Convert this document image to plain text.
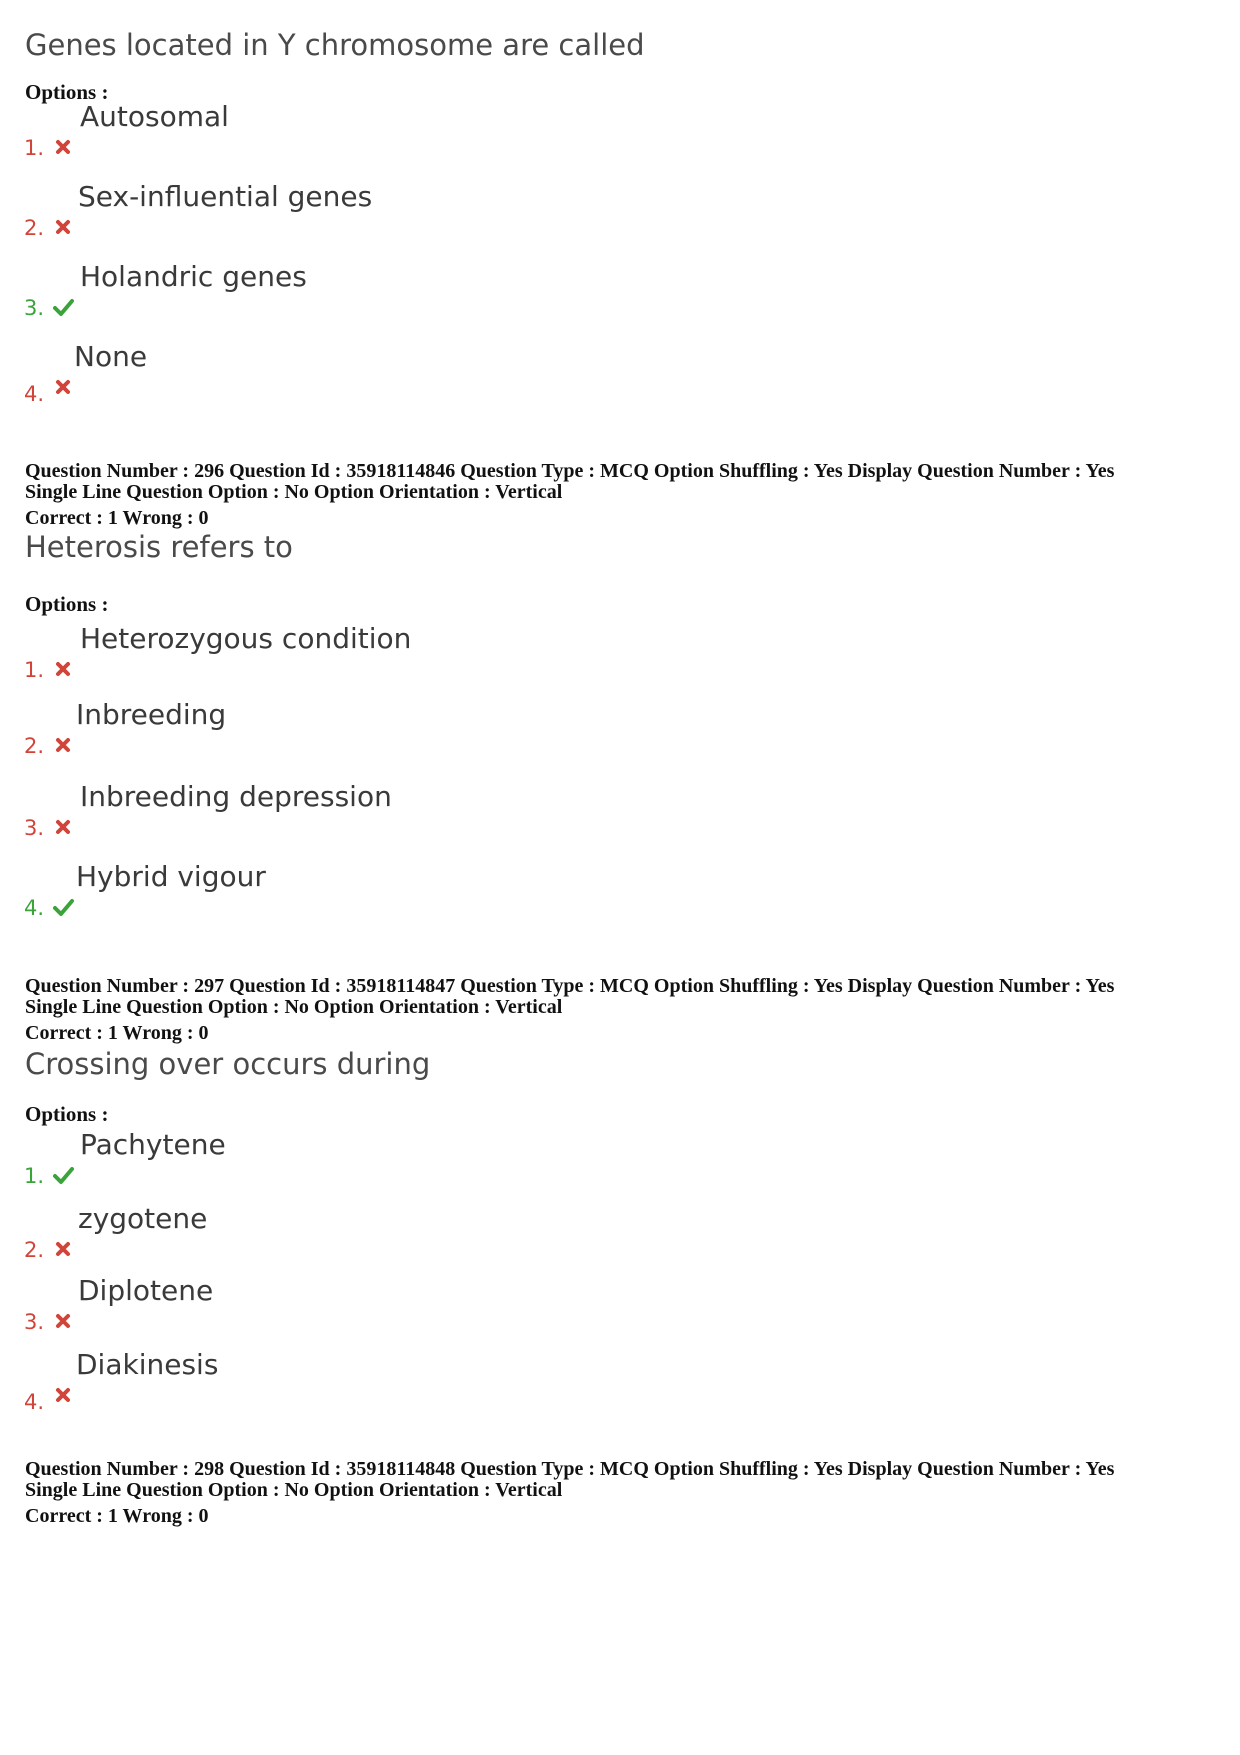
Genes located in Y chromosome are called
Options :
1.
Autosomal
2.
Sex-influential genes
3.
Holandric genes
4.
None
Question Number : 296 Question Id : 35918114846 Question Type : MCQ Option Shuffling : Yes Display Question Number : Yes
Single Line Question Option : No Option Orientation : Vertical
Correct : 1 Wrong : 0
Heterosis refers to
Options :
1.
Heterozygous condition
2.
Inbreeding
3.
Inbreeding depression
4.
Hybrid vigour
Question Number : 297 Question Id : 35918114847 Question Type : MCQ Option Shuffling : Yes Display Question Number : Yes
Single Line Question Option : No Option Orientation : Vertical
Correct : 1 Wrong : 0
Crossing over occurs during
Options :
1.
Pachytene
2.
zygotene
3.
Diplotene
4.
Diakinesis
Question Number : 298 Question Id : 35918114848 Question Type : MCQ Option Shuffling : Yes Display Question Number : Yes
Single Line Question Option : No Option Orientation : Vertical
Correct : 1 Wrong : 0
